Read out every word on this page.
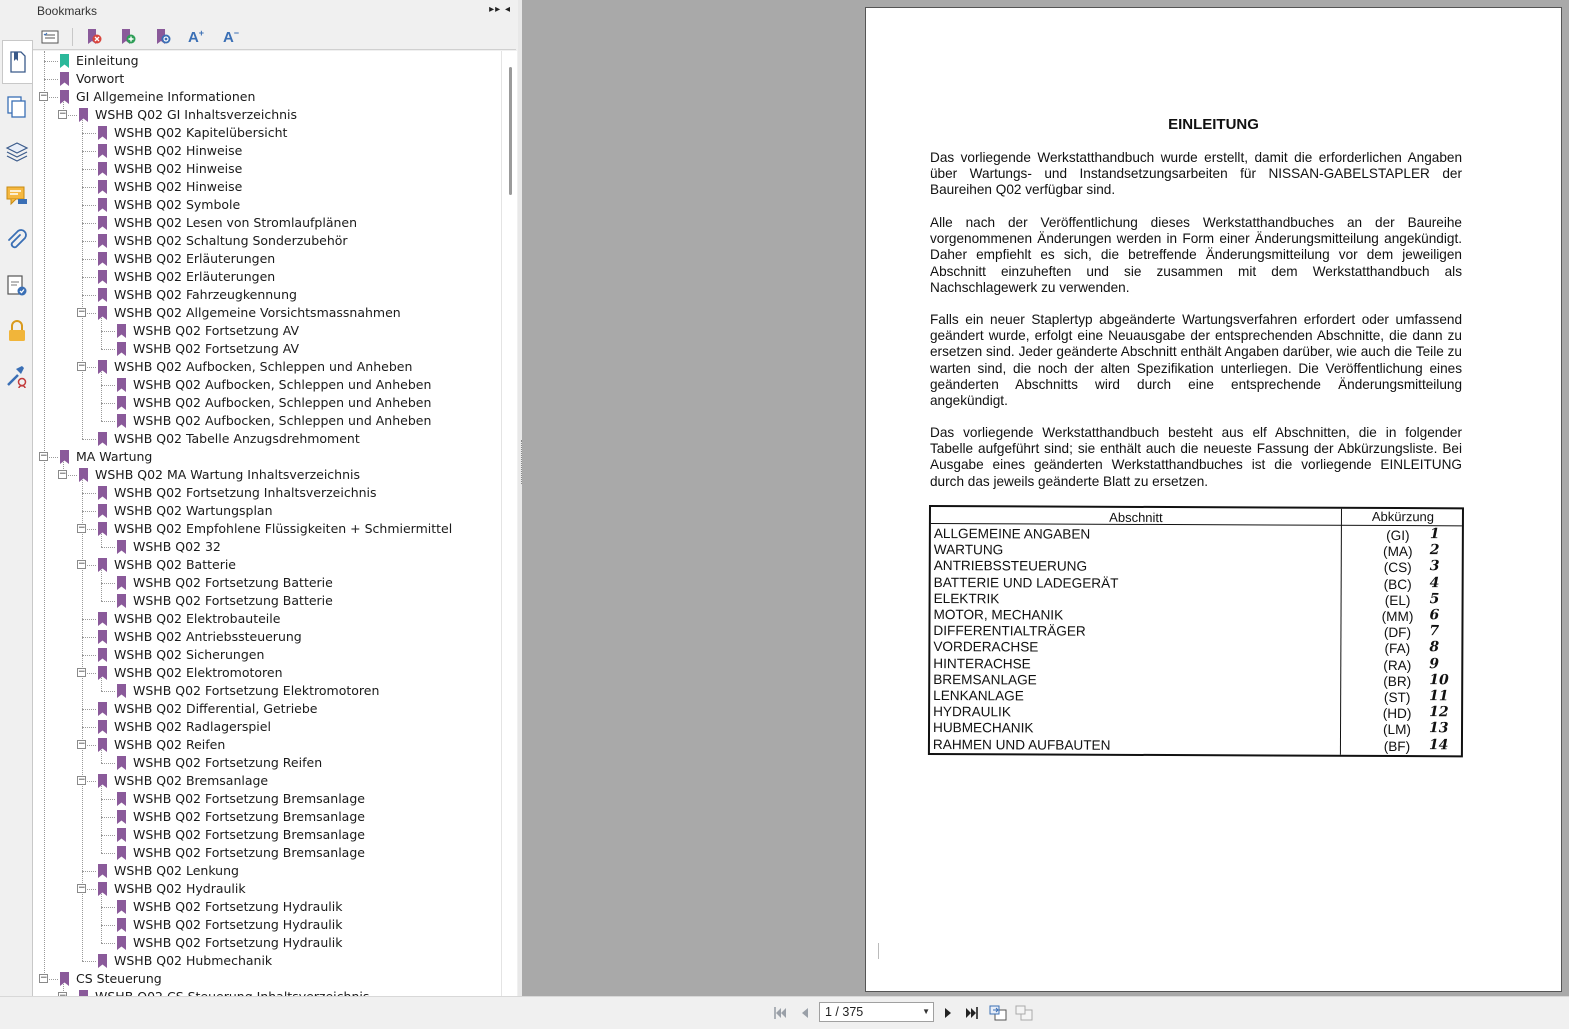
Bookmarks	▸▸ ◂
A+ A−
Einleitung
Vorwort
− GI Allgemeine Informationen
− WSHB Q02 GI Inhaltsverzeichnis
WSHB Q02 Kapitelübersicht
WSHB Q02 Hinweise
WSHB Q02 Hinweise
WSHB Q02 Hinweise
WSHB Q02 Symbole
WSHB Q02 Lesen von Stromlaufplänen
WSHB Q02 Schaltung Sonderzubehör
WSHB Q02 Erläuterungen
WSHB Q02 Erläuterungen
WSHB Q02 Fahrzeugkennung
− WSHB Q02 Allgemeine Vorsichtsmassnahmen
WSHB Q02 Fortsetzung AV
WSHB Q02 Fortsetzung AV
− WSHB Q02 Aufbocken, Schleppen und Anheben
WSHB Q02 Aufbocken, Schleppen und Anheben
WSHB Q02 Aufbocken, Schleppen und Anheben
WSHB Q02 Aufbocken, Schleppen und Anheben
WSHB Q02 Tabelle Anzugsdrehmoment
− MA Wartung
− WSHB Q02 MA Wartung Inhaltsverzeichnis
WSHB Q02 Fortsetzung Inhaltsverzeichnis
WSHB Q02 Wartungsplan
− WSHB Q02 Empfohlene Flüssigkeiten + Schmiermittel
WSHB Q02 32
− WSHB Q02 Batterie
WSHB Q02 Fortsetzung Batterie
WSHB Q02 Fortsetzung Batterie
WSHB Q02 Elektrobauteile
WSHB Q02 Antriebssteuerung
WSHB Q02 Sicherungen
− WSHB Q02 Elektromotoren
WSHB Q02 Fortsetzung Elektromotoren
WSHB Q02 Differential, Getriebe
WSHB Q02 Radlagerspiel
− WSHB Q02 Reifen
WSHB Q02 Fortsetzung Reifen
− WSHB Q02 Bremsanlage
WSHB Q02 Fortsetzung Bremsanlage
WSHB Q02 Fortsetzung Bremsanlage
WSHB Q02 Fortsetzung Bremsanlage
WSHB Q02 Fortsetzung Bremsanlage
WSHB Q02 Lenkung
− WSHB Q02 Hydraulik
WSHB Q02 Fortsetzung Hydraulik
WSHB Q02 Fortsetzung Hydraulik
WSHB Q02 Fortsetzung Hydraulik
WSHB Q02 Hubmechanik
− CS Steuerung
EINLEITUNG
Das vorliegende Werkstatthandbuch wurde erstellt, damit die erforderlichen Angaben über Wartungs- und Instandsetzungsarbeiten für NISSAN-GABELSTAPLER der Baureihen Q02 verfügbar sind.
Alle nach der Veröffentlichung dieses Werkstatthandbuches an der Baureihe vorgenommenen Änderungen werden in Form einer Änderungsmitteilung angekündigt. Daher empfiehlt es sich, die betreffende Änderungsmitteilung vor dem jeweiligen Abschnitt einzuheften und sie zusammen mit dem Werkstatthandbuch als Nachschlagewerk zu verwenden.
Falls ein neuer Staplertyp abgeänderte Wartungsverfahren erfordert oder umfassend geändert wurde, erfolgt eine Neuausgabe der entsprechenden Abschnitte, die dann zu ersetzen sind. Jeder geänderte Abschnitt enthält Angaben darüber, wie auch die Teile zu warten sind, die noch der alten Spezifikation unterliegen. Die Veröffentlichung eines geänderten Abschnitts wird durch eine entsprechende Änderungsmitteilung angekündigt.
Das vorliegende Werkstatthandbuch besteht aus elf Abschnitten, die in folgender Tabelle aufgeführt sind; sie enthält auch die neueste Fassung der Abkürzungsliste. Bei Ausgabe eines geänderten Werkstatthandbuches ist die vorliegende EINLEITUNG durch das jeweils geänderte Blatt zu ersetzen.
Abschnitt	Abkürzung
ALLGEMEINE ANGABEN	(GI)	1
WARTUNG	(MA)	2
ANTRIEBSSTEUERUNG	(CS)	3
BATTERIE UND LADEGERÄT	(BC)	4
ELEKTRIK	(EL)	5
MOTOR, MECHANIK	(MM)	6
DIFFERENTIALTRÄGER	(DF)	7
VORDERACHSE	(FA)	8
HINTERACHSE	(RA)	9
BREMSANLAGE	(BR)	10
LENKANLAGE	(ST)	11
HYDRAULIK	(HD)	12
HUBMECHANIK	(LM)	13
RAHMEN UND AUFBAUTEN	(BF)	14
1 / 375	▼
